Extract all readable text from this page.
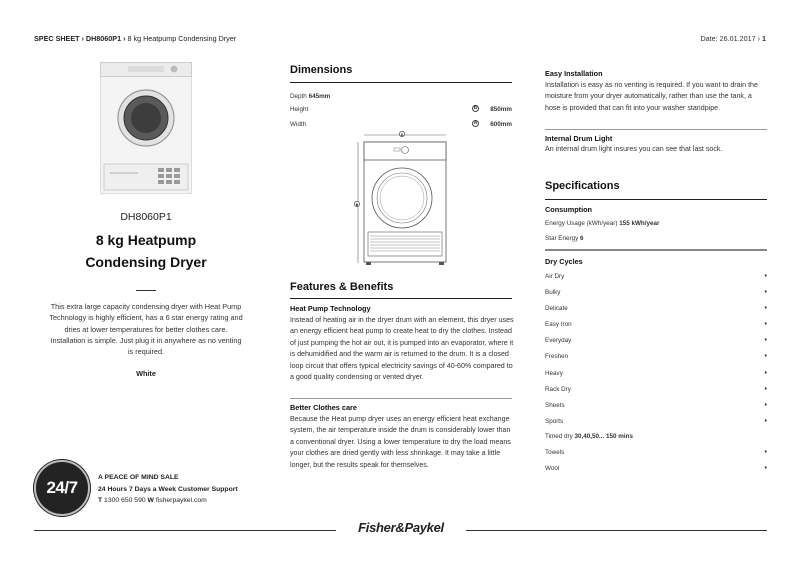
SPEC SHEET › DH8060P1 › 8 kg Heatpump Condensing Dryer	Date: 26.01.2017 › 1
DH8060P1
8 kg Heatpump
Condensing Dryer
This extra large capacity condensing dryer with Heat Pump Technology is highly efficient, has a 6 star energy rating and dries at lower temperatures for better clothes care. Installation is simple. Just plug it in anywhere as no venting is required.
White
24/7
A PEACE OF MIND SALE
24 Hours 7 Days a Week Customer Support
T 1300 650 590 W fisherpaykel.com
Dimensions
Depth 645mm
Height	B 850mm
Width	A 600mm
A
B
Features & Benefits
Heat Pump Technology
Instead of heating air in the dryer drum with an element, this dryer uses an energy efficient heat pump to create heat to dry the clothes. Instead of just pumping the hot air out, it is pumped into an evaporator, where it is dehumidified and the warm air is returned to the drum. It is a closed loop circuit that offers typical electricity savings of 40-60% compared to a good quality condensing or vented dryer.
Better Clothes care
Because the Heat pump dryer uses an energy efficient heat exchange system, the air temperature inside the drum is considerably lower than a conventional dryer. Using a lower temperature to dry the load means your clothes are dried gently with less shrinkage. It may take a little longer, but the results speak for themselves.
Easy Installation
Installation is easy as no venting is required. If you want to drain the moisture from your dryer automatically, rather than use the tank, a hose is provided that can fit into your washer standpipe.
Internal Drum Light
An internal drum light insures you can see that last sock.
Specifications
Consumption
Energy Usage (kWh/year) 155 kWh/year
Star Energy 6
Dry Cycles
Air Dry	•
Bulky	•
Delicate	•
Easy Iron	•
Everyday	•
Freshen	•
Heavy	•
Rack Dry	•
Sheets	•
Sports	•
Timed dry 30,40,50... 150 mins
Towels	•
Wool	•
Fisher&Paykel
